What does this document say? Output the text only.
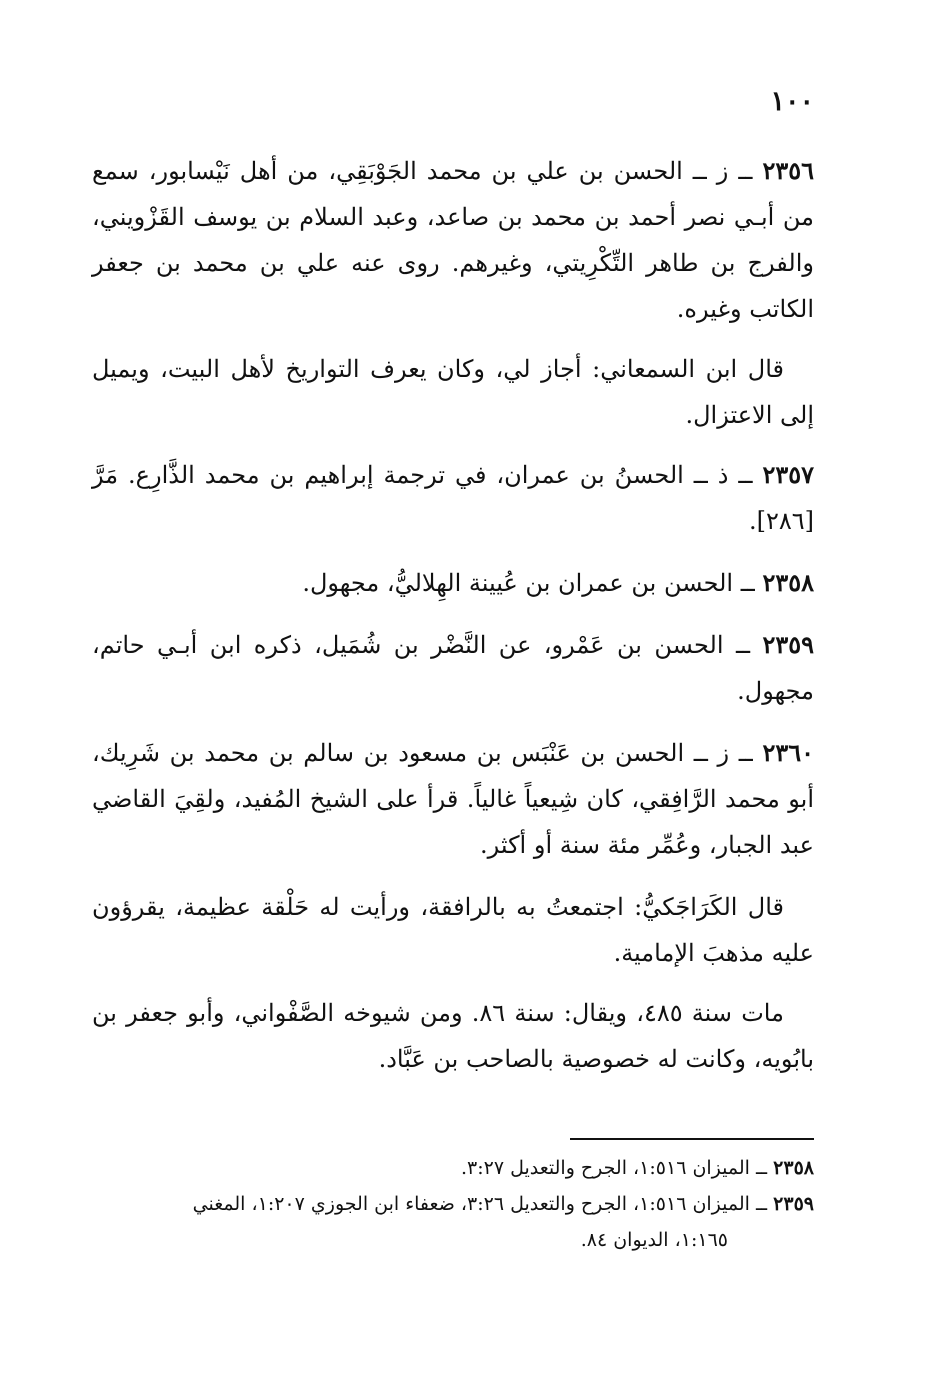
١٠٠

٢٣٥٦ ــ ز ــ الحسن بن علي بن محمد الجَوْبَقِي، من أهل نَيْسابور، سمع من أبـي نصر أحمد بن محمد بن صاعد، وعبد السلام بن يوسف القَزْويني، والفرج بن طاهر التِّكْرِيتي، وغيرهم. روى عنه علي بن محمد بن جعفر الكاتب وغيره.

قال ابن السمعاني: أجاز لي، وكان يعرف التواريخ لأهل البيت، ويميل إلى الاعتزال.

٢٣٥٧ ــ ذ ــ الحسنُ بن عمران، في ترجمة إبراهيم بن محمد الذَّارِع. مَرَّ [٢٨٦].

٢٣٥٨ ــ الحسن بن عمران بن عُيينة الهِلاليُّ، مجهول.

٢٣٥٩ ــ الحسن بن عَمْرو، عن النَّضْر بن شُمَيل، ذكره ابن أبـي حاتم، مجهول.

٢٣٦٠ ــ ز ــ الحسن بن عَنْبَس بن مسعود بن سالم بن محمد بن شَرِيك، أبو محمد الرَّافِقي، كان شِيعياً غالياً. قرأ على الشيخ المُفيد، ولقِيَ القاضي عبد الجبار، وعُمِّر مئة سنة أو أكثر.

قال الكَرَاجَكيُّ: اجتمعتُ به بالرافقة، ورأيت له حَلْقة عظيمة، يقرؤون عليه مذهبَ الإمامية.

مات سنة ٤٨٥، ويقال: سنة ٨٦. ومن شيوخه الصَّفْواني، وأبو جعفر بن بابُويه، وكانت له خصوصية بالصاحب بن عَبَّاد.

٢٣٥٨ ــ الميزان ١:٥١٦، الجرح والتعديل ٣:٢٧.

٢٣٥٩ ــ الميزان ١:٥١٦، الجرح والتعديل ٣:٢٦، ضعفاء ابن الجوزي ١:٢٠٧، المغني

١:١٦٥، الديوان ٨٤.
